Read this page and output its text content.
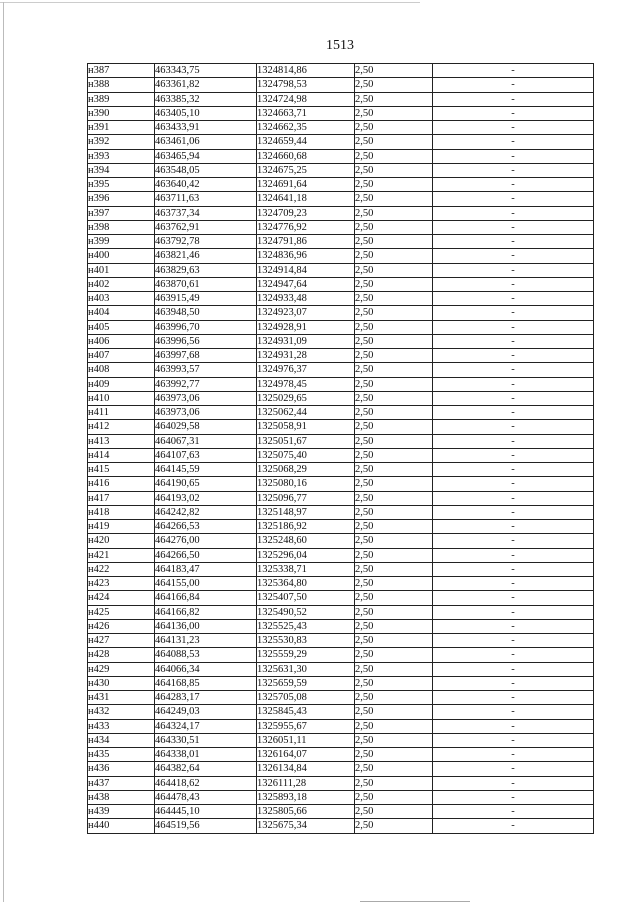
1513
н387	463343,75	1324814,86	2,50	-
н388	463361,82	1324798,53	2,50	-
н389	463385,32	1324724,98	2,50	-
н390	463405,10	1324663,71	2,50	-
н391	463433,91	1324662,35	2,50	-
н392	463461,06	1324659,44	2,50	-
н393	463465,94	1324660,68	2,50	-
н394	463548,05	1324675,25	2,50	-
н395	463640,42	1324691,64	2,50	-
н396	463711,63	1324641,18	2,50	-
н397	463737,34	1324709,23	2,50	-
н398	463762,91	1324776,92	2,50	-
н399	463792,78	1324791,86	2,50	-
н400	463821,46	1324836,96	2,50	-
н401	463829,63	1324914,84	2,50	-
н402	463870,61	1324947,64	2,50	-
н403	463915,49	1324933,48	2,50	-
н404	463948,50	1324923,07	2,50	-
н405	463996,70	1324928,91	2,50	-
н406	463996,56	1324931,09	2,50	-
н407	463997,68	1324931,28	2,50	-
н408	463993,57	1324976,37	2,50	-
н409	463992,77	1324978,45	2,50	-
н410	463973,06	1325029,65	2,50	-
н411	463973,06	1325062,44	2,50	-
н412	464029,58	1325058,91	2,50	-
н413	464067,31	1325051,67	2,50	-
н414	464107,63	1325075,40	2,50	-
н415	464145,59	1325068,29	2,50	-
н416	464190,65	1325080,16	2,50	-
н417	464193,02	1325096,77	2,50	-
н418	464242,82	1325148,97	2,50	-
н419	464266,53	1325186,92	2,50	-
н420	464276,00	1325248,60	2,50	-
н421	464266,50	1325296,04	2,50	-
н422	464183,47	1325338,71	2,50	-
н423	464155,00	1325364,80	2,50	-
н424	464166,84	1325407,50	2,50	-
н425	464166,82	1325490,52	2,50	-
н426	464136,00	1325525,43	2,50	-
н427	464131,23	1325530,83	2,50	-
н428	464088,53	1325559,29	2,50	-
н429	464066,34	1325631,30	2,50	-
н430	464168,85	1325659,59	2,50	-
н431	464283,17	1325705,08	2,50	-
н432	464249,03	1325845,43	2,50	-
н433	464324,17	1325955,67	2,50	-
н434	464330,51	1326051,11	2,50	-
н435	464338,01	1326164,07	2,50	-
н436	464382,64	1326134,84	2,50	-
н437	464418,62	1326111,28	2,50	-
н438	464478,43	1325893,18	2,50	-
н439	464445,10	1325805,66	2,50	-
н440	464519,56	1325675,34	2,50	-
